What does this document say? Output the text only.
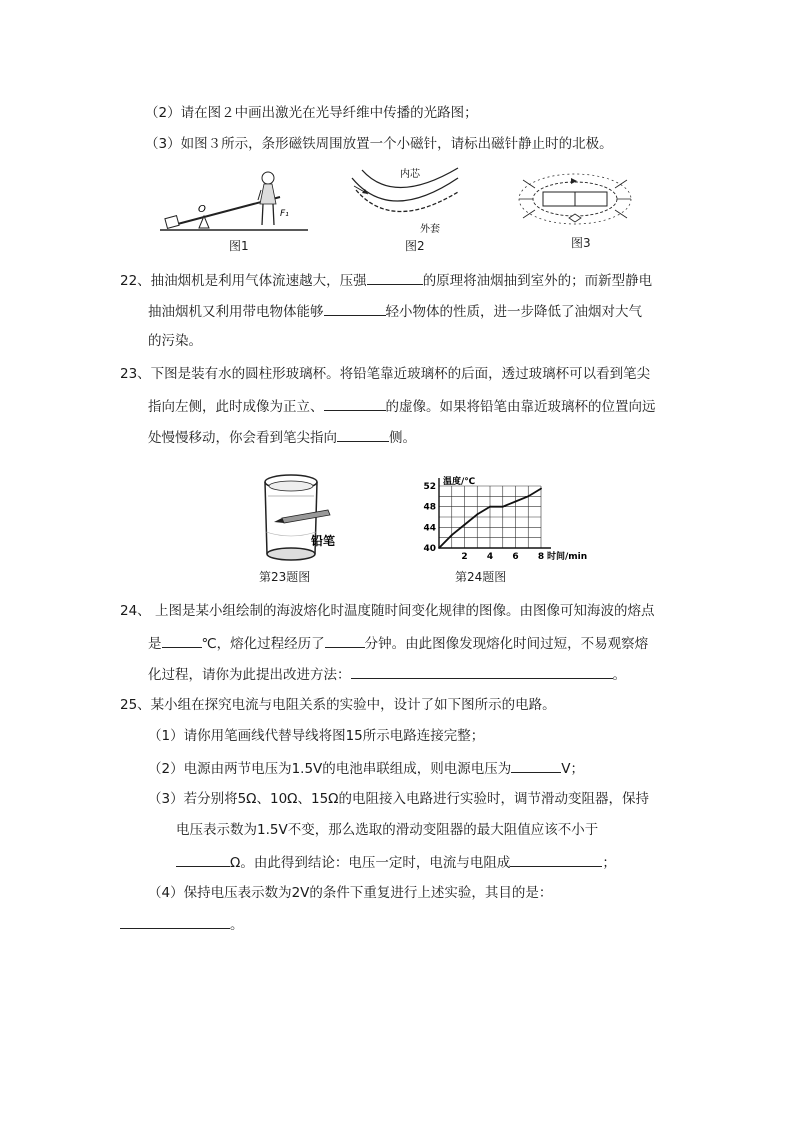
（2）请在图２中画出激光在光导纤维中传播的光路图；
（3）如图３所示，条形磁铁周围放置一个小磁针，请标出磁针静止时的北极。
O	F₁
图1
内芯
外套
图2	图3
22、抽油烟机是利用气体流速越大，压强	的原理将油烟抽到室外的；而新型静电
抽油烟机又利用带电物体能够	轻小物体的性质，进一步降低了油烟对大气
的污染。
23、下图是装有水的圆柱形玻璃杯。将铅笔靠近玻璃杯的后面，透过玻璃杯可以看到笔尖
指向左侧，此时成像为正立、	的虚像。如果将铅笔由靠近玻璃杯的位置向远
处慢慢移动，你会看到笔尖指向	侧。
铅笔
第23题图
40
44
48
52
2 4 6 8
温度/℃
时间/min
第24题图
24、 上图是某小组绘制的海波熔化时温度随时间变化规律的图像。由图像可知海波的熔点
是	℃，熔化过程经历了	分钟。由此图像发现熔化时间过短，不易观察熔
化过程，请你为此提出改进方法：	。
25、某小组在探究电流与电阻关系的实验中，设计了如下图所示的电路。
（1）请你用笔画线代替导线将图15所示电路连接完整；
（2）电源由两节电压为1.5V的电池串联组成，则电源电压为	V；
（3）若分别将5Ω、10Ω、15Ω的电阻接入电路进行实验时，调节滑动变阻器，保持
电压表示数为1.5V不变，那么选取的滑动变阻器的最大阻值应该不小于
Ω。由此得到结论：电压一定时，电流与电阻成	；
（4）保持电压表示数为2V的条件下重复进行上述实验，其目的是：
。
